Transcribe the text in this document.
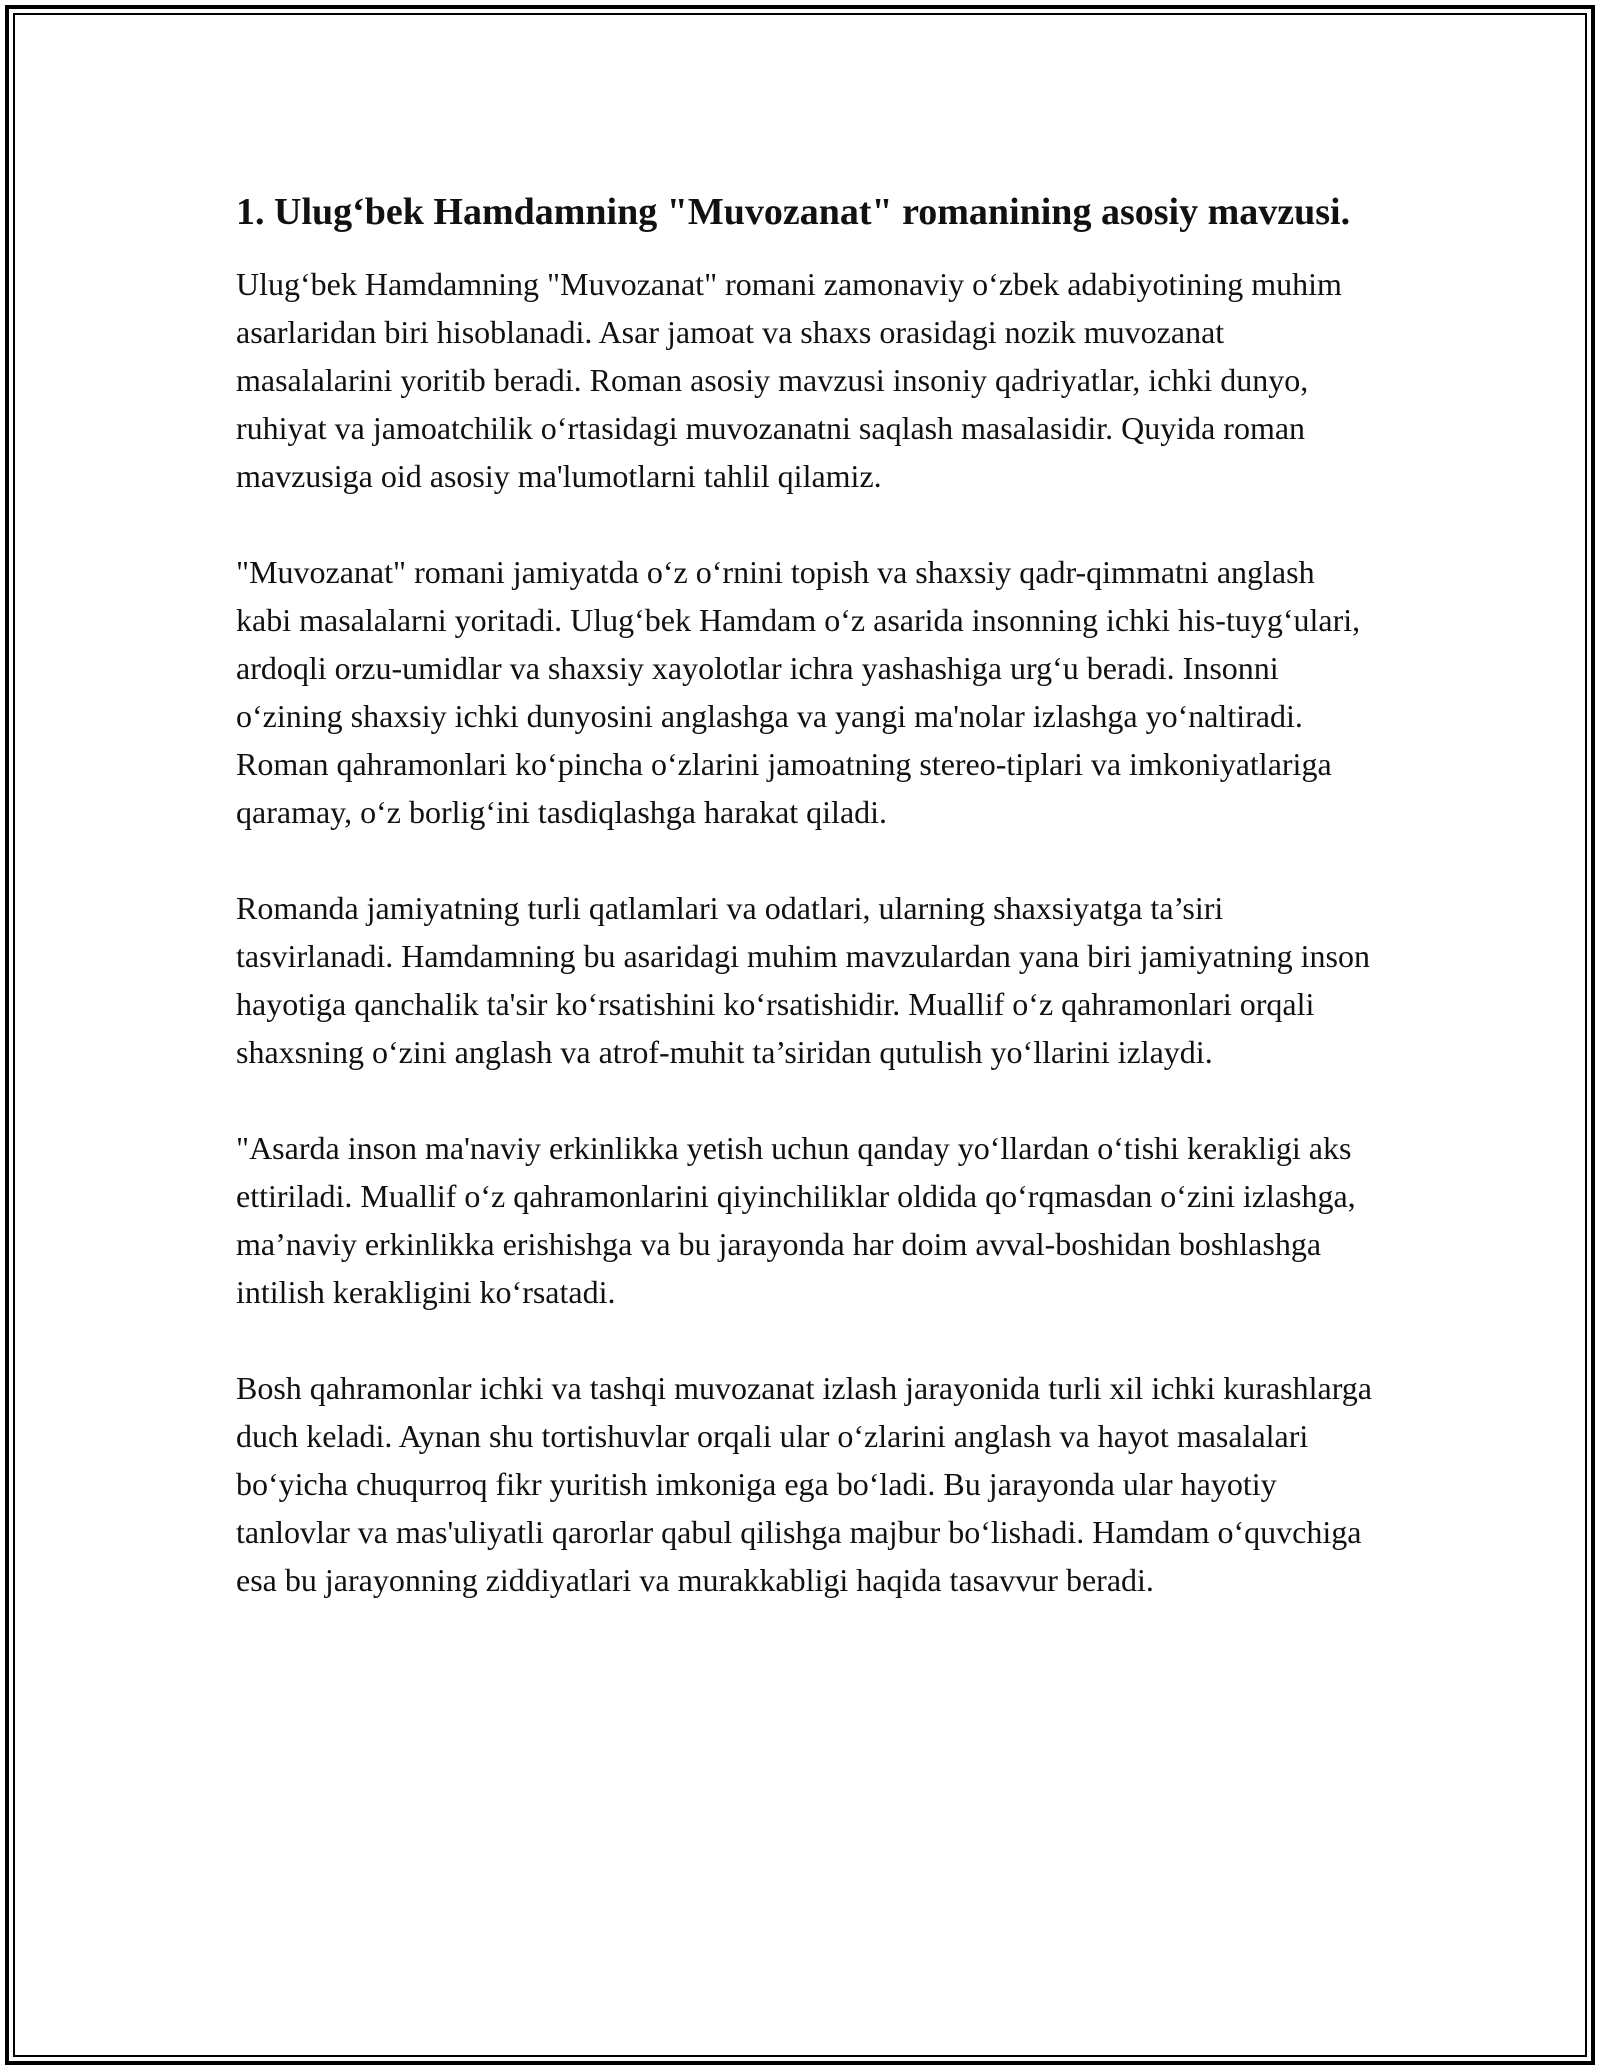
1. Ulug‘bek Hamdamning "Muvozanat" romanining asosiy mavzusi.

Ulug‘bek Hamdamning "Muvozanat" romani zamonaviy o‘zbek adabiyotining muhim asarlaridan biri hisoblanadi. Asar jamoat va shaxs orasidagi nozik muvozanat masalalarini yoritib beradi. Roman asosiy mavzusi insoniy qadriyatlar, ichki dunyo, ruhiyat va jamoatchilik o‘rtasidagi muvozanatni saqlash masalasidir. Quyida roman mavzusiga oid asosiy ma'lumotlarni tahlil qilamiz.

"Muvozanat" romani jamiyatda o‘z o‘rnini topish va shaxsiy qadr-qimmatni anglash kabi masalalarni yoritadi. Ulug‘bek Hamdam o‘z asarida insonning ichki his-tuyg‘ulari, ardoqli orzu-umidlar va shaxsiy xayolotlar ichra yashashiga urg‘u beradi. Insonni o‘zining shaxsiy ichki dunyosini anglashga va yangi ma'nolar izlashga yo‘naltiradi. Roman qahramonlari ko‘pincha o‘zlarini jamoatning stereo-tiplari va imkoniyatlariga qaramay, o‘z borlig‘ini tasdiqlashga harakat qiladi.

Romanda jamiyatning turli qatlamlari va odatlari, ularning shaxsiyatga ta’siri tasvirlanadi. Hamdamning bu asaridagi muhim mavzulardan yana biri jamiyatning inson hayotiga qanchalik ta'sir ko‘rsatishini ko‘rsatishidir. Muallif o‘z qahramonlari orqali shaxsning o‘zini anglash va atrof-muhit ta’siridan qutulish yo‘llarini izlaydi.

"Asarda inson ma'naviy erkinlikka yetish uchun qanday yo‘llardan o‘tishi kerakligi aks ettiriladi. Muallif o‘z qahramonlarini qiyinchiliklar oldida qo‘rqmasdan o‘zini izlashga, ma’naviy erkinlikka erishishga va bu jarayonda har doim avval-boshidan boshlashga intilish kerakligini ko‘rsatadi.

Bosh qahramonlar ichki va tashqi muvozanat izlash jarayonida turli xil ichki kurashlarga duch keladi. Aynan shu tortishuvlar orqali ular o‘zlarini anglash va hayot masalalari bo‘yicha chuqurroq fikr yuritish imkoniga ega bo‘ladi. Bu jarayonda ular hayotiy tanlovlar va mas'uliyatli qarorlar qabul qilishga majbur bo‘lishadi. Hamdam o‘quvchiga esa bu jarayonning ziddiyatlari va murakkabligi haqida tasavvur beradi.
